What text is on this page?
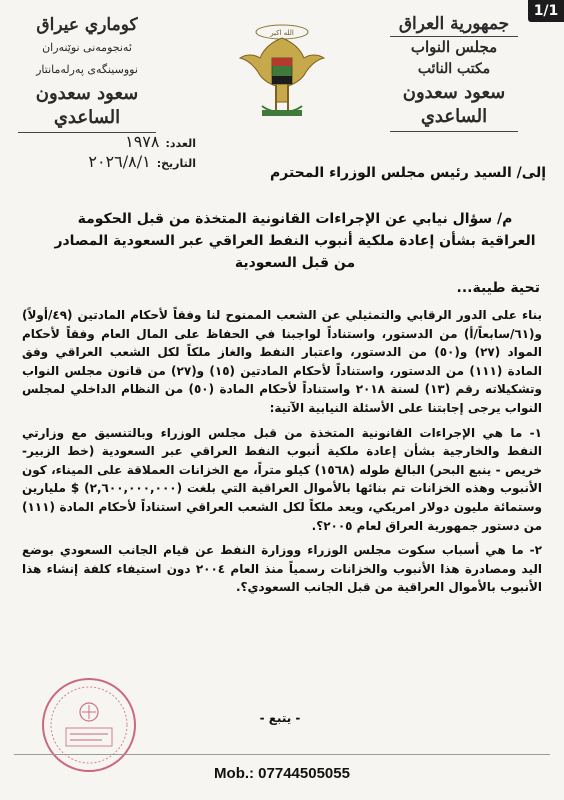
1/1
جمهورية العراق
مجلس النواب
مكتب النائب
سعود سعدون الساعدي
الله اكبر
كوماري عيراق
ئەنجومەنی نوێنەران
نووسینگەی پەرلەمانتار
سعود سعدون الساعدي
العدد:
١٩٧٨
التاريخ:
٢٠٢٦/٨/١
إلى/ السيد رئيس مجلس الوزراء المحترم
م/ سؤال نيابي عن الإجراءات القانونية المتخذة من قبل الحكومة العراقية بشأن إعادة ملكية أنبوب النفط العراقي عبر السعودية المصادر من قبل السعودية
تحية طيبة...

بناء على الدور الرقابي والتمثيلي عن الشعب الممنوح لنا وفقاً لأحكام المادتين (٤٩/أولاً) و(٦١/سابعاً/أ) من الدستور، واستناداً لواجبنا في الحفاظ على المال العام وفقاً لأحكام المواد (٢٧) و(٥٠) من الدستور، واعتبار النفط والغاز ملكاً لكل الشعب العراقي وفق المادة (١١١) من الدستور، واستناداً لأحكام المادتين (١٥) و(٢٧) من قانون مجلس النواب وتشكيلاته رقم (١٣) لسنة ٢٠١٨ واستناداً لأحكام المادة (٥٠) من النظام الداخلي لمجلس النواب يرجى إجابتنا على الأسئلة النيابية الآتية:

١- ما هي الإجراءات القانونية المتخذة من قبل مجلس الوزراء وبالتنسيق مع وزارتي النفط والخارجية بشأن إعادة ملكية أنبوب النفط العراقي عبر السعودية (خط الزبير- خريص - ينبع البحر) البالغ طوله (١٥٦٨) كيلو متراً، مع الخزانات العملاقة على الميناء، كون الأنبوب وهذه الخزانات تم بنائها بالأموال العراقية التي بلغت (٢,٦٠٠,٠٠٠,٠٠٠) $ مليارين وستمائة مليون دولار امريكي، ويعد ملكاً لكل الشعب العراقي استناداً لأحكام المادة (١١١) من دستور جمهورية العراق لعام ٢٠٠٥؟.

٢- ما هي أسباب سكوت مجلس الوزراء ووزارة النفط عن قيام الجانب السعودي بوضع اليد ومصادرة هذا الأنبوب والخزانات رسمياً منذ العام ٢٠٠٤ دون استيفاء كلفة إنشاء هذا الأنبوب بالأموال العراقية من قبل الجانب السعودي؟.

- يتبع -
Mob.: 07744505055
